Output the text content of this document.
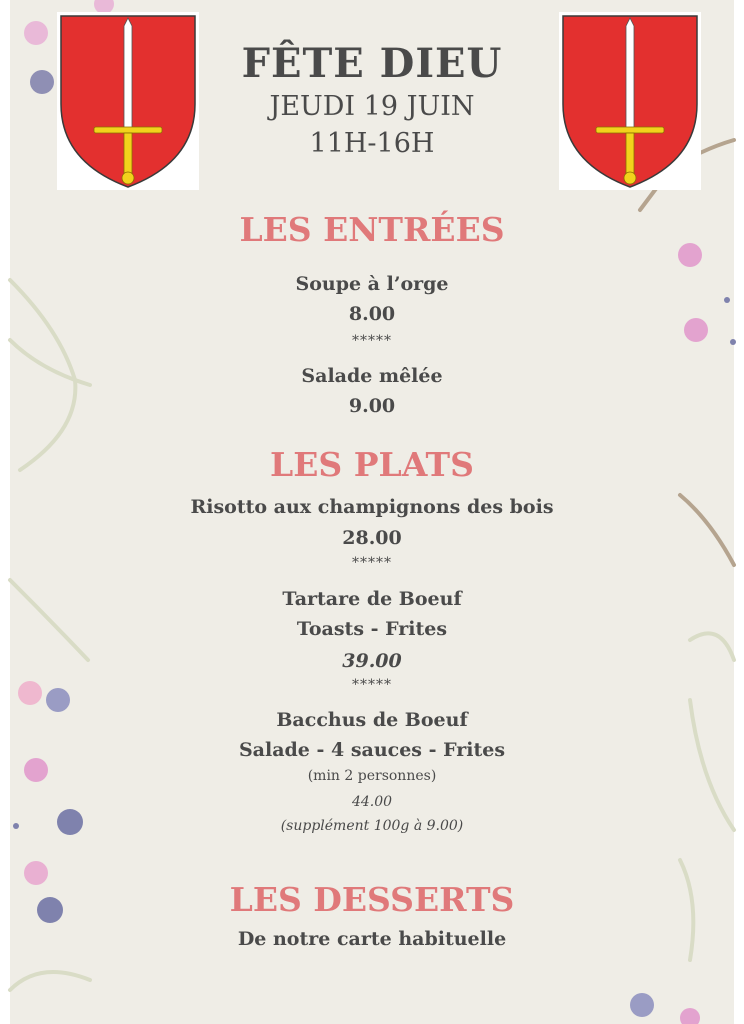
FÊTE DIEU
JEUDI 19 JUIN
11H-16H
LES ENTRÉES
Soupe à l’orge
8.00
*****
Salade mêlée
9.00
LES PLATS
Risotto aux champignons des bois
28.00
*****
Tartare de Boeuf
Toasts - Frites
39.00
*****
Bacchus de Boeuf
Salade - 4 sauces - Frites
(min 2 personnes)
44.00
(supplément 100g à 9.00)
LES DESSERTS
De notre carte habituelle
